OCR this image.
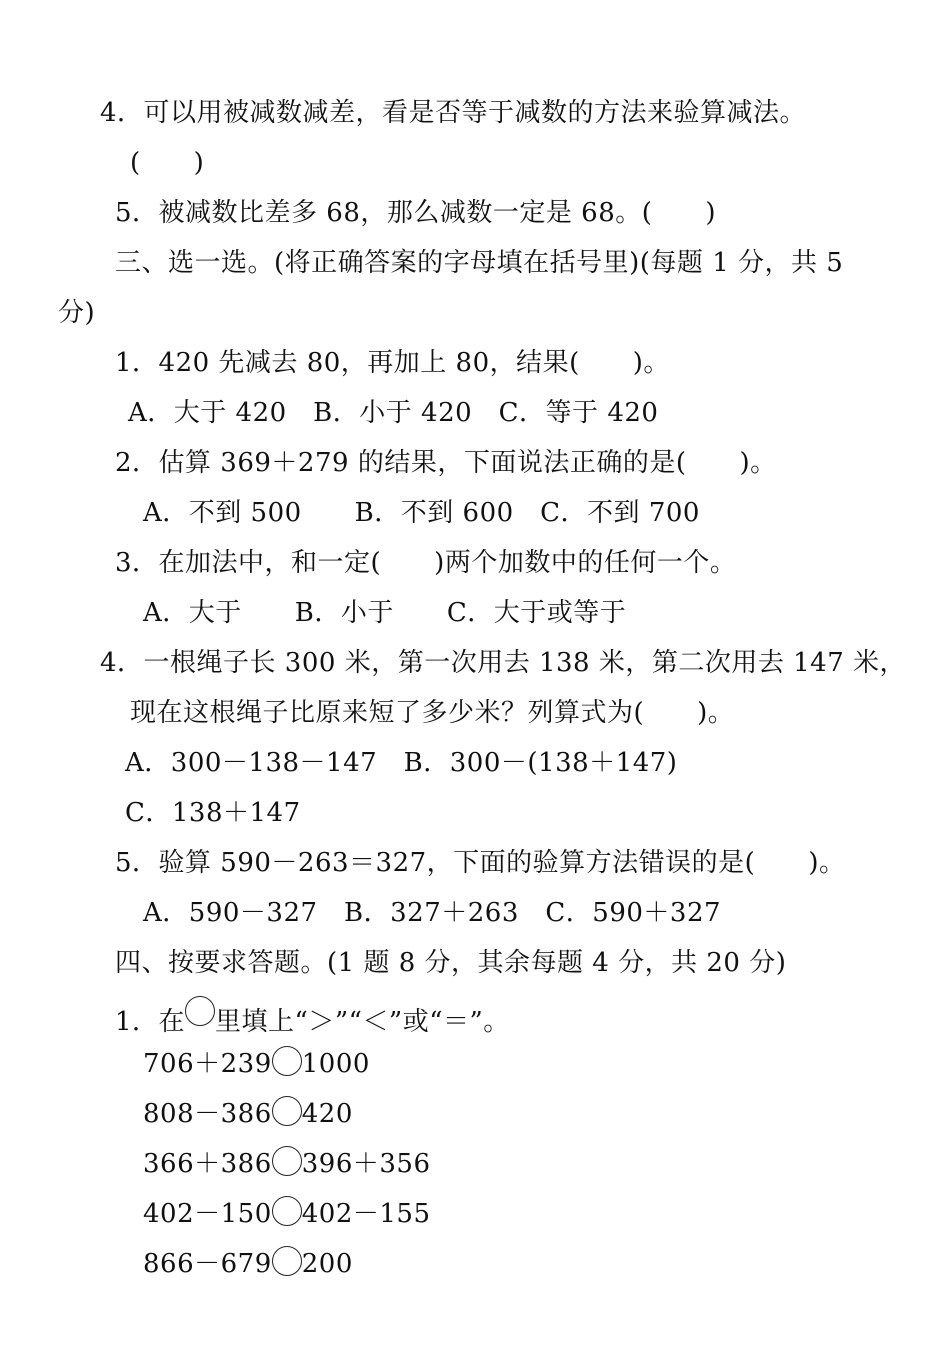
4．可以用被减数减差，看是否等于减数的方法来验算减法。
(　　)
5．被减数比差多 68，那么减数一定是 68。(　　)
三、选一选。(将正确答案的字母填在括号里)(每题 1 分，共 5
分)
1．420 先减去 80，再加上 80，结果(　　)。
A．大于 420　B．小于 420　C．等于 420
2．估算 369＋279 的结果，下面说法正确的是(　　)。
A．不到 500　　B．不到 600　C．不到 700
3．在加法中，和一定(　　)两个加数中的任何一个。
A．大于　　B．小于　　C．大于或等于
4．一根绳子长 300 米，第一次用去 138 米，第二次用去 147 米，
现在这根绳子比原来短了多少米？列算式为(　　)。
A．300－138－147　B．300－(138＋147)
C．138＋147
5．验算 590－263＝327，下面的验算方法错误的是(　　)。
A．590－327　B．327＋263　C．590＋327
四、按要求答题。(1 题 8 分，其余每题 4 分，共 20 分)
1．在 里填上“＞”“＜”或“＝”。
706＋239 1000
808－386 420
366＋386 396＋356
402－150 402－155
866－679 200
